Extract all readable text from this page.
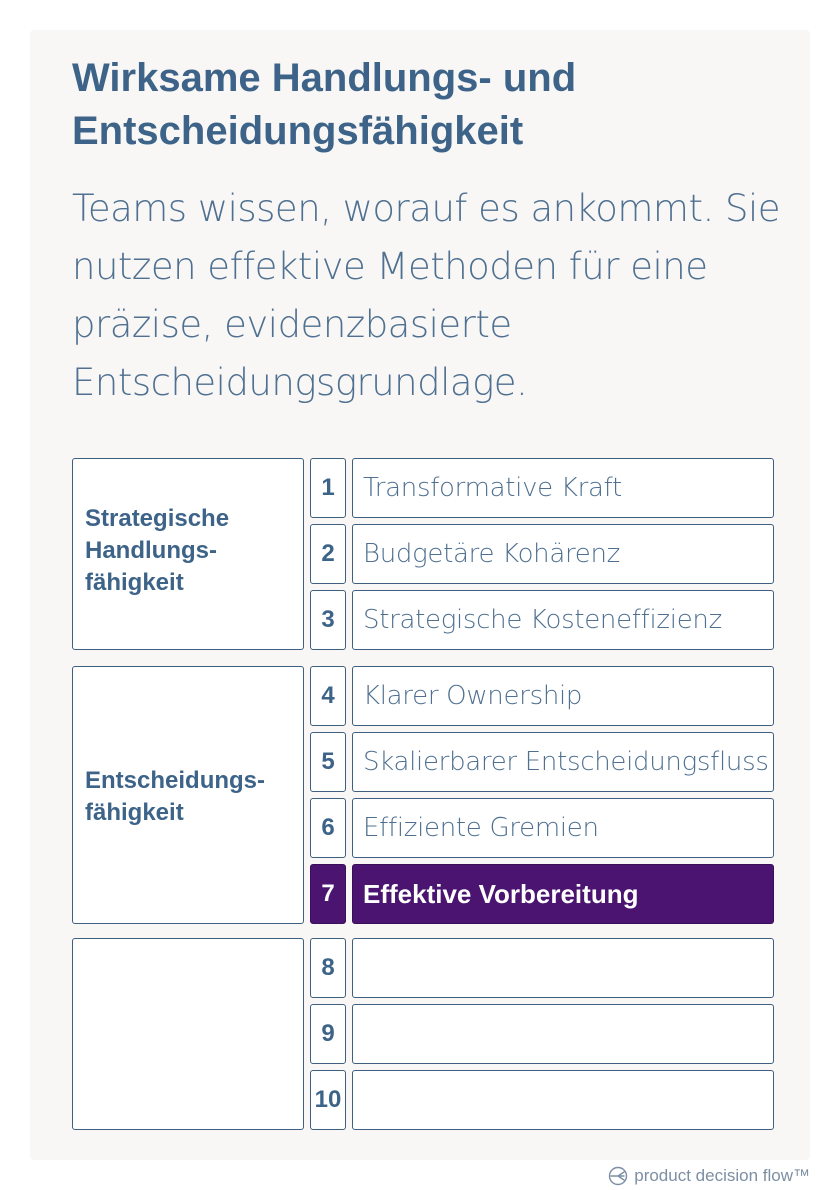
Wirksame Handlungs- und Entscheidungsfähigkeit

Teams wissen, worauf es ankommt. Sie nutzen effektive Methoden für eine präzise, evidenzbasierte Entscheidungsgrundlage.

Strategische Handlungs-fähigkeit
Entscheidungs-fähigkeit
1
2
3
4
5
6
7
8
9
10
Transformative Kraft
Budgetäre Kohärenz
Strategische Kosteneffizienz
Klarer Ownership
Skalierbarer Entscheidungsfluss
Effiziente Gremien
Effektive Vorbereitung
product decision flow™
